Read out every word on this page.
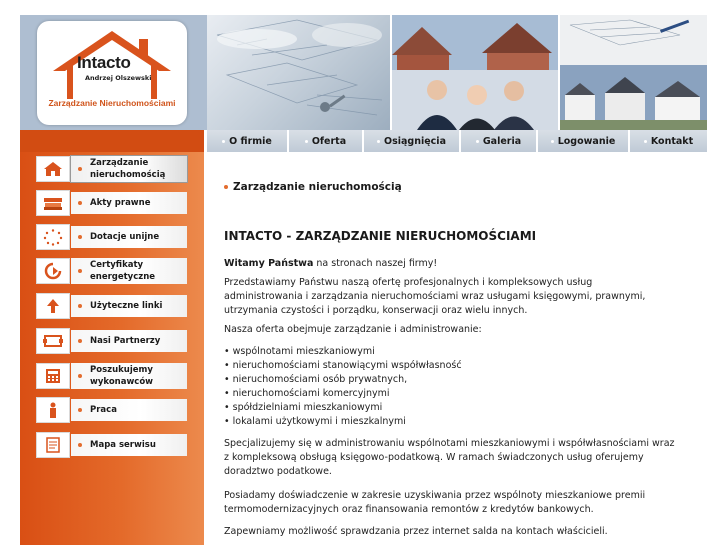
Intacto
Andrzej Olszewski
Zarządzanie Nieruchomościami
Zarządzanie
nieruchomością
Akty prawne
Dotacje unijne
Certyfikaty
energetyczne
Użyteczne linki
Nasi Partnerzy
Poszukujemy
wykonawców
Praca
Mapa serwisu
O firmie	Oferta	Osiągnięcia	Galeria	Logowanie	Kontakt
Zarządzanie nieruchomością
INTACTO - ZARZĄDZANIE NIERUCHOMOŚCIAMI
Witamy Państwa na stronach naszej firmy!
Przedstawiamy Państwu naszą ofertę profesjonalnych i kompleksowych usług administrowania i zarządzania nieruchomościami wraz usługami księgowymi, prawnymi, utrzymania czystości i porządku, konserwacji oraz wielu innych.
Nasza oferta obejmuje zarządzanie i administrowanie:
• wspólnotami mieszkaniowymi
• nieruchomościami stanowiącymi współwłasność
• nieruchomościami osób prywatnych,
• nieruchomościami komercyjnymi
• spółdzielniami mieszkaniowymi
• lokalami użytkowymi i mieszkalnymi
Specjalizujemy się w administrowaniu wspólnotami mieszkaniowymi i współwłasnościami wraz z kompleksową obsługą księgowo-podatkową. W ramach świadczonych usług oferujemy doradztwo podatkowe.
Posiadamy doświadczenie w zakresie uzyskiwania przez wspólnoty mieszkaniowe premii termomodernizacyjnych oraz finansowania remontów z kredytów bankowych.
Zapewniamy możliwość sprawdzania przez internet salda na kontach właścicieli.
